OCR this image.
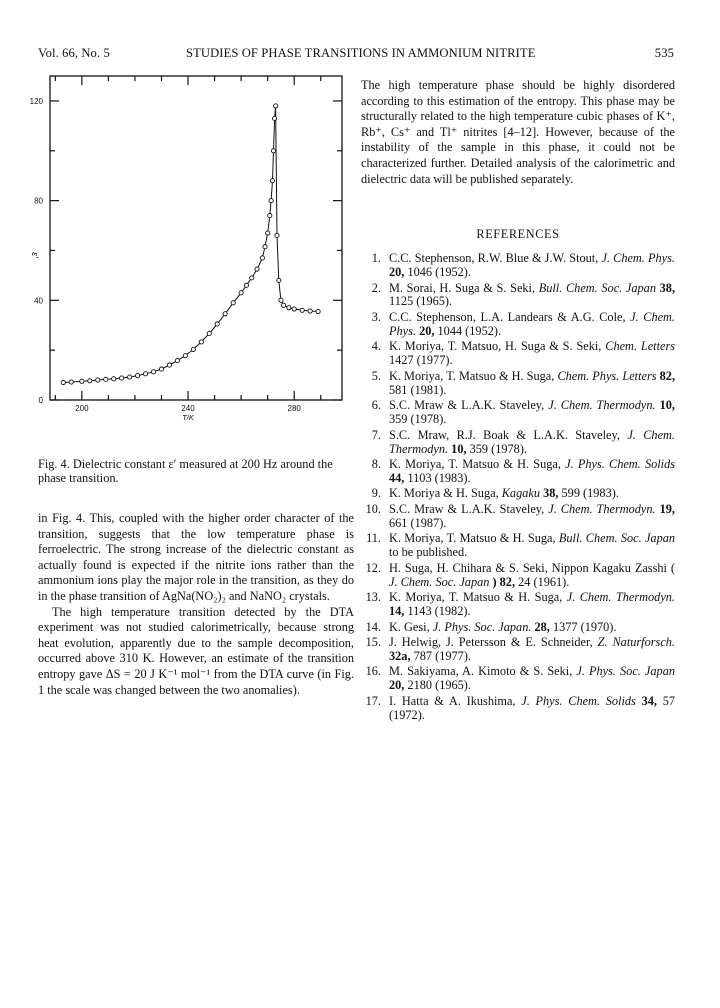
Vol. 66, No. 5	STUDIES OF PHASE TRANSITIONS IN AMMONIUM NITRITE	535
200	240	280
0
40
80
120
T/K
ε′
Fig. 4. Dielectric constant ε′ measured at 200 Hz around the phase transition.

in Fig. 4. This, coupled with the higher order character of the transition, suggests that the low temperature phase is ferroelectric. The strong increase of the dielectric constant as actually found is expected if the nitrite ions rather than the ammonium ions play the major role in the transition, as they do in the phase transition of AgNa(NO₂)₂ and NaNO₂ crystals.

The high temperature transition detected by the DTA experiment was not studied calorimetrically, because strong heat evolution, apparently due to the sample decomposition, occurred above 310 K. However, an estimate of the transition entropy gave ΔS = 20 J K⁻¹ mol⁻¹ from the DTA curve (in Fig. 1 the scale was changed between the two anomalies).

The high temperature phase should be highly disordered according to this estimation of the entropy. This phase may be structurally related to the high temperature cubic phases of K⁺, Rb⁺, Cs⁺ and Tl⁺ nitrites [4–12]. However, because of the instability of the sample in this phase, it could not be characterized further. Detailed analysis of the calorimetric and dielectric data will be published separately.

REFERENCES
1. C.C. Stephenson, R.W. Blue & J.W. Stout, J. Chem. Phys. 20, 1046 (1952).
2. M. Sorai, H. Suga & S. Seki, Bull. Chem. Soc. Japan 38, 1125 (1965).
3. C.C. Stephenson, L.A. Landears & A.G. Cole, J. Chem. Phys. 20, 1044 (1952).
4. K. Moriya, T. Matsuo, H. Suga & S. Seki, Chem. Letters 1427 (1977).
5. K. Moriya, T. Matsuo & H. Suga, Chem. Phys. Letters 82, 581 (1981).
6. S.C. Mraw & L.A.K. Staveley, J. Chem. Thermodyn. 10, 359 (1978).
7. S.C. Mraw, R.J. Boak & L.A.K. Staveley, J. Chem. Thermodyn. 10, 359 (1978).
8. K. Moriya, T. Matsuo & H. Suga, J. Phys. Chem. Solids 44, 1103 (1983).
9. K. Moriya & H. Suga, Kagaku 38, 599 (1983).
10. S.C. Mraw & L.A.K. Staveley, J. Chem. Thermodyn. 19, 661 (1987).
11. K. Moriya, T. Matsuo & H. Suga, Bull. Chem. Soc. Japan to be published.
12. H. Suga, H. Chihara & S. Seki, Nippon Kagaku Zasshi ( J. Chem. Soc. Japan ) 82, 24 (1961).
13. K. Moriya, T. Matsuo & H. Suga, J. Chem. Thermodyn. 14, 1143 (1982).
14. K. Gesi, J. Phys. Soc. Japan. 28, 1377 (1970).
15. J. Helwig, J. Petersson & E. Schneider, Z. Naturforsch. 32a, 787 (1977).
16. M. Sakiyama, A. Kimoto & S. Seki, J. Phys. Soc. Japan 20, 2180 (1965).
17. I. Hatta & A. Ikushima, J. Phys. Chem. Solids 34, 57 (1972).
